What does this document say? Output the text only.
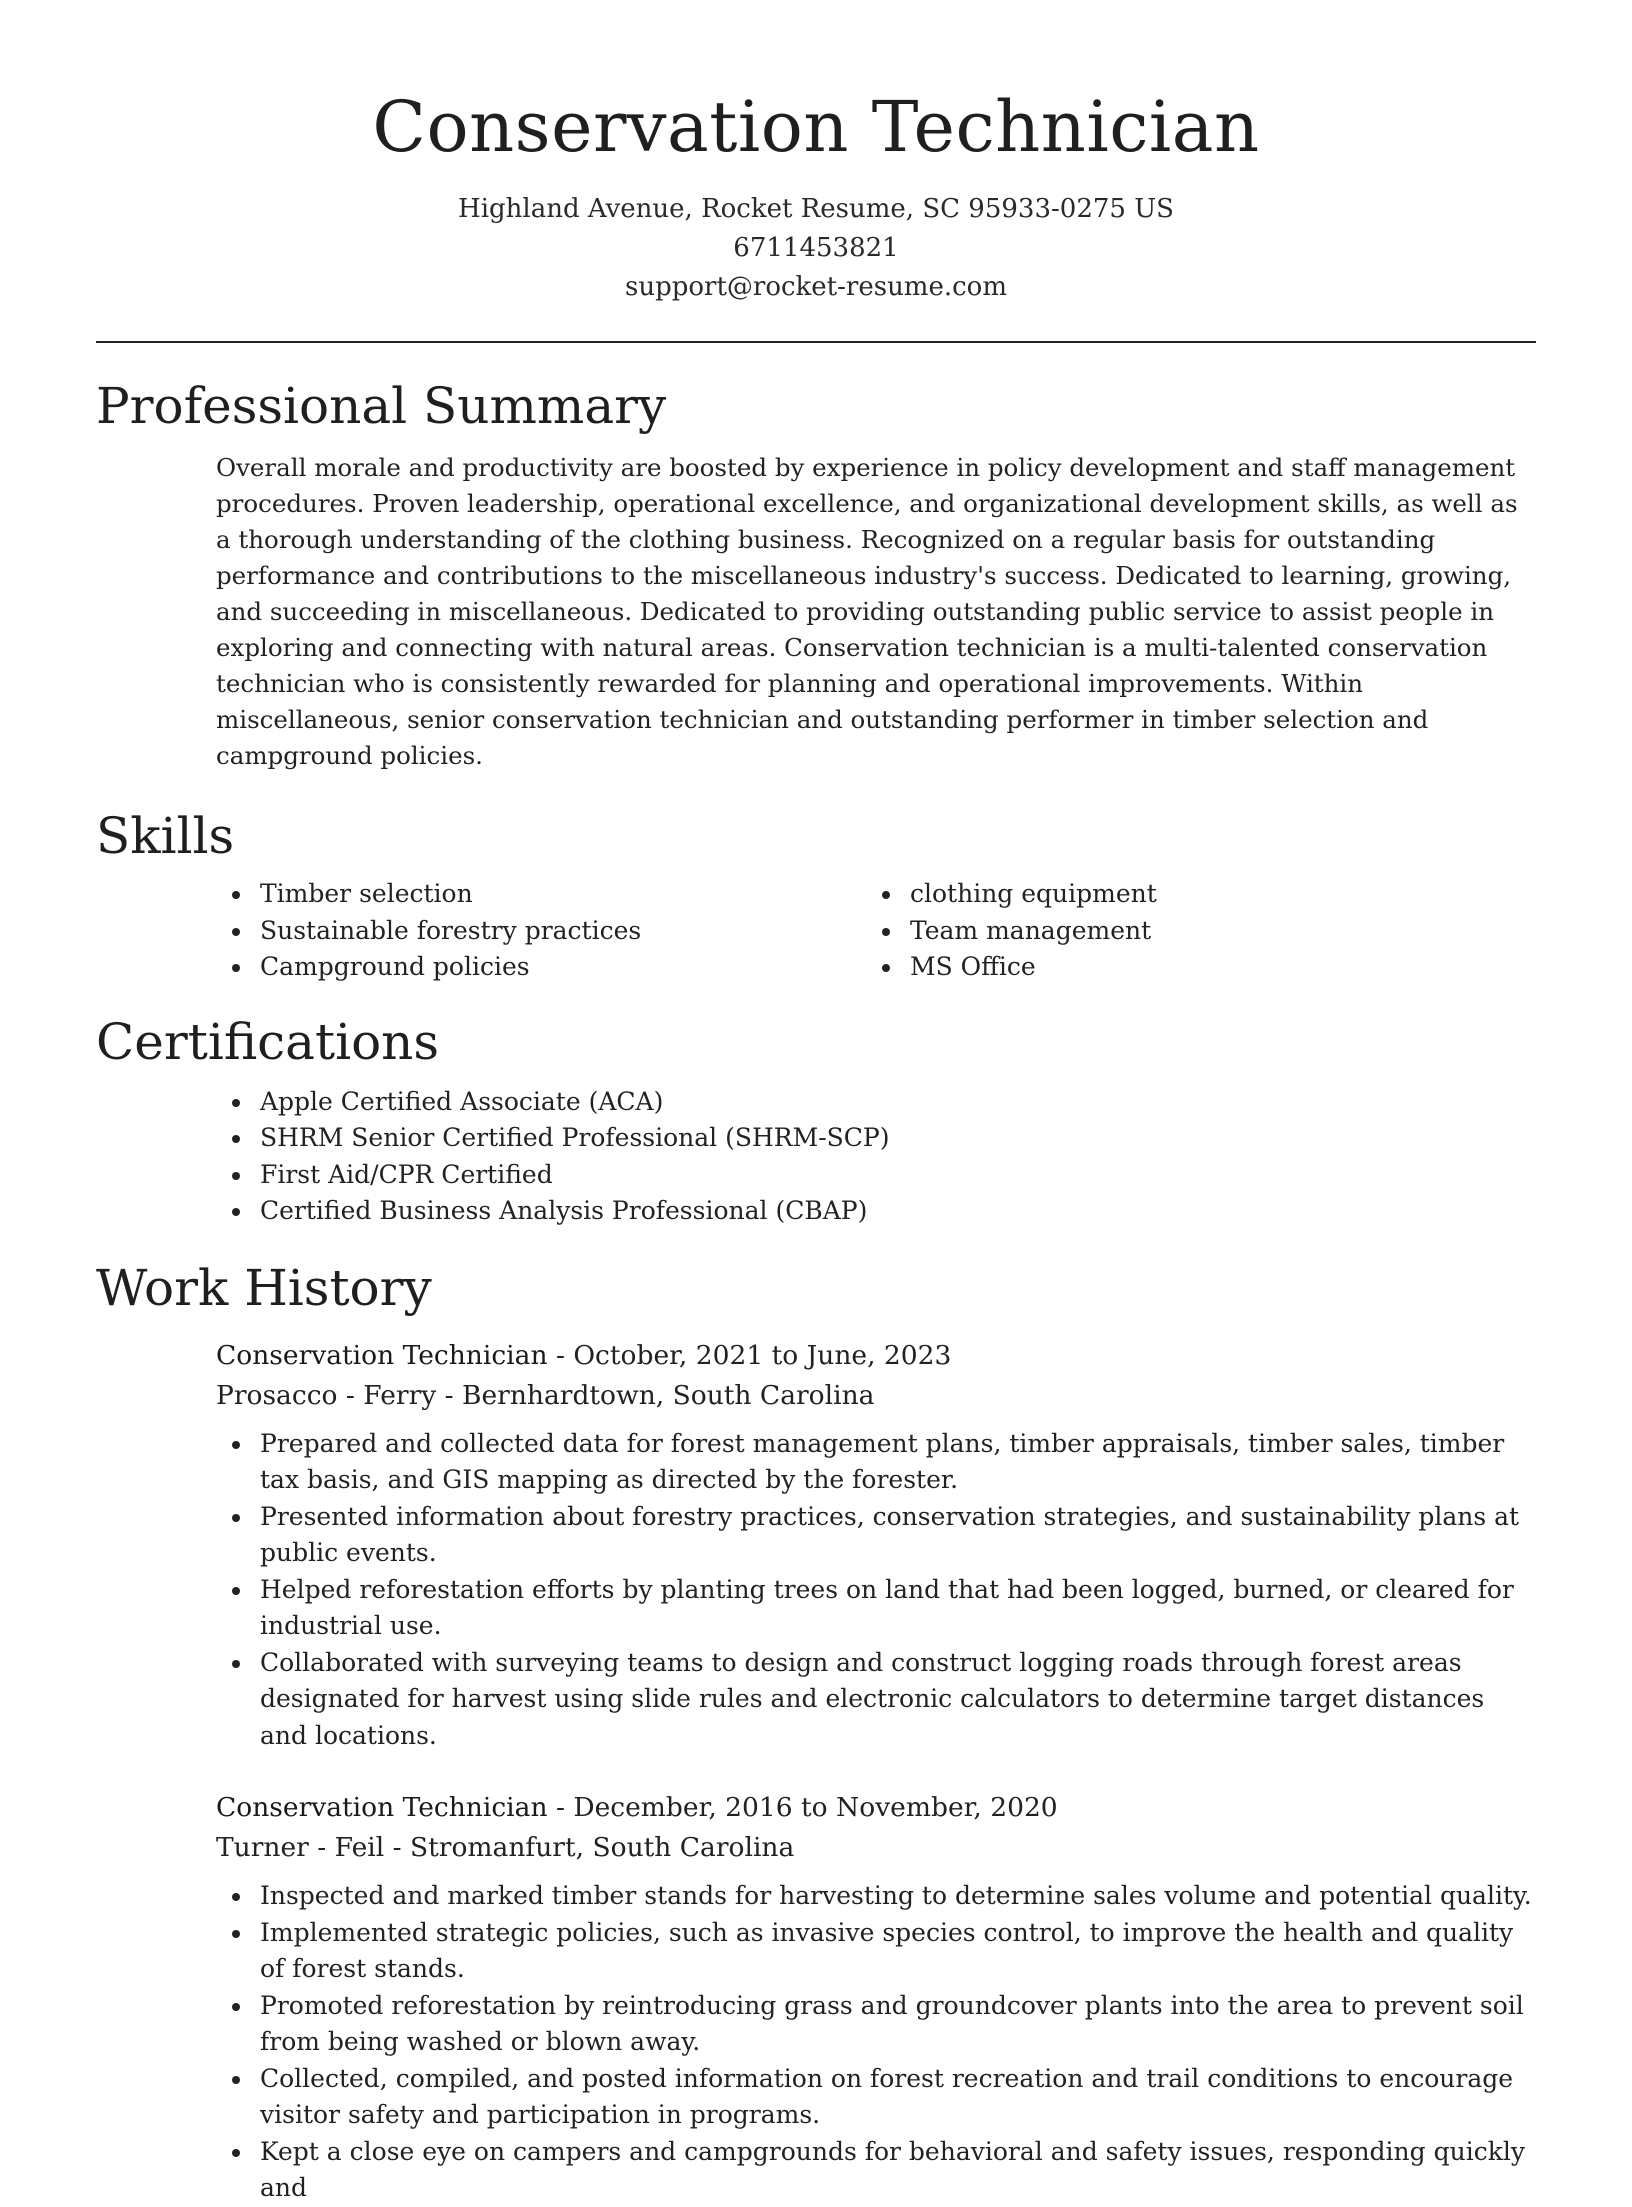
Conservation Technician
Highland Avenue, Rocket Resume, SC 95933-0275 US
6711453821
support@rocket-resume.com
Professional Summary

Overall morale and productivity are boosted by experience in policy development and staff management procedures. Proven leadership, operational excellence, and organizational development skills, as well as a thorough understanding of the clothing business. Recognized on a regular basis for outstanding performance and contributions to the miscellaneous industry's success. Dedicated to learning, growing, and succeeding in miscellaneous. Dedicated to providing outstanding public service to assist people in exploring and connecting with natural areas. Conservation technician is a multi-talented conservation technician who is consistently rewarded for planning and operational improvements. Within miscellaneous, senior conservation technician and outstanding performer in timber selection and campground policies.

Skills
Timber selection
Sustainable forestry practices
Campground policies
clothing equipment
Team management
MS Office
Certifications
Apple Certified Associate (ACA)
SHRM Senior Certified Professional (SHRM-SCP)
First Aid/CPR Certified
Certified Business Analysis Professional (CBAP)
Work History
Conservation Technician - October, 2021 to June, 2023
Prosacco - Ferry - Bernhardtown, South Carolina
Prepared and collected data for forest management plans, timber appraisals, timber sales, timber tax basis, and GIS mapping as directed by the forester.
Presented information about forestry practices, conservation strategies, and sustainability plans at public events.
Helped reforestation efforts by planting trees on land that had been logged, burned, or cleared for industrial use.
Collaborated with surveying teams to design and construct logging roads through forest areas designated for harvest using slide rules and electronic calculators to determine target distances and locations.
Conservation Technician - December, 2016 to November, 2020
Turner - Feil - Stromanfurt, South Carolina
Inspected and marked timber stands for harvesting to determine sales volume and potential quality.
Implemented strategic policies, such as invasive species control, to improve the health and quality of forest stands.
Promoted reforestation by reintroducing grass and groundcover plants into the area to prevent soil from being washed or blown away.
Collected, compiled, and posted information on forest recreation and trail conditions to encourage visitor safety and participation in programs.
Kept a close eye on campers and campgrounds for behavioral and safety issues, responding quickly and
